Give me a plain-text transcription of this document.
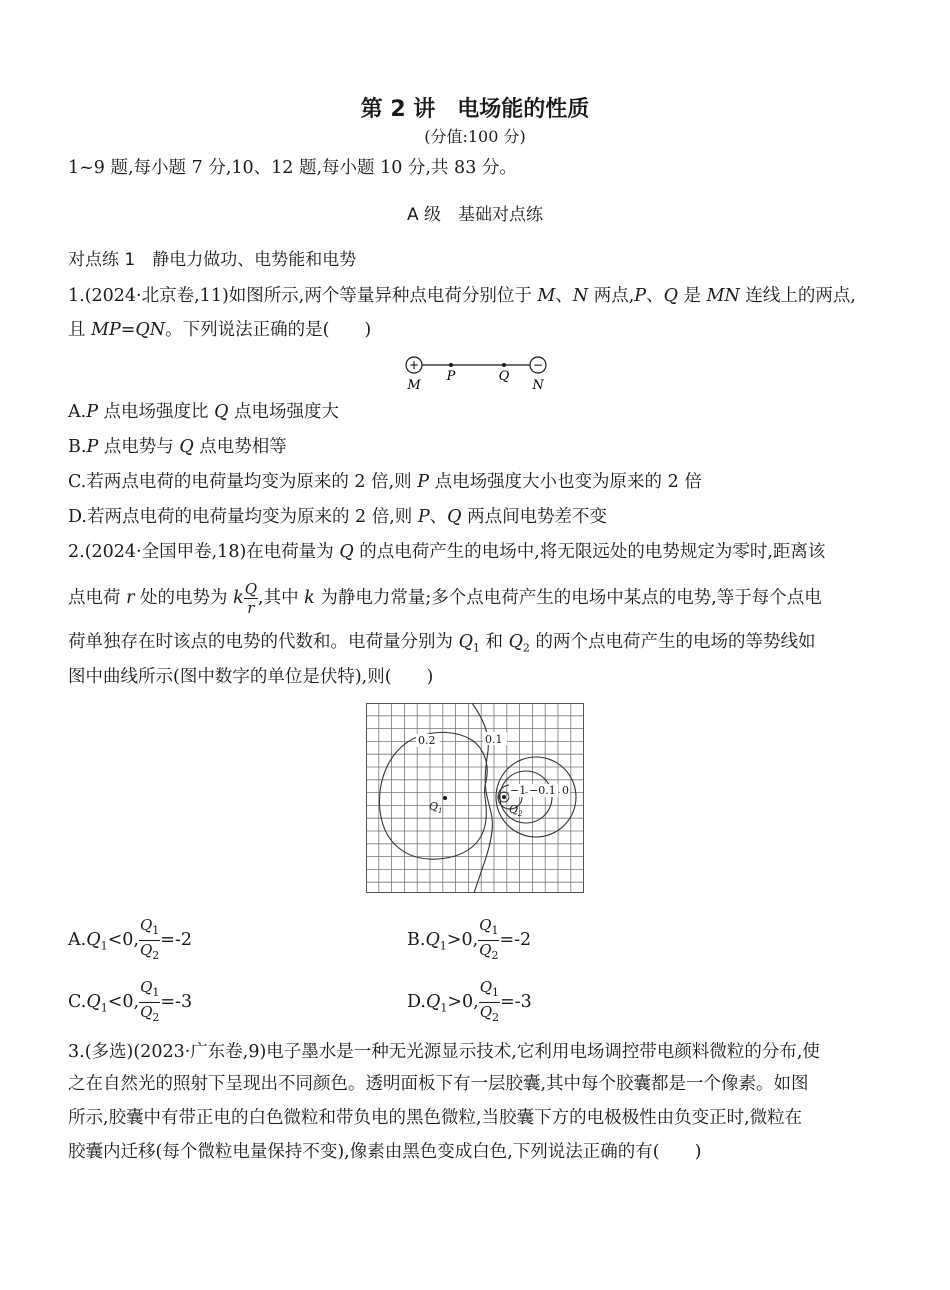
第 2 讲　电场能的性质
(分值:100 分)
1~9 题,每小题 7 分,10、12 题,每小题 10 分,共 83 分。
A 级　基础对点练
对点练 1　静电力做功、电势能和电势
1.(2024·北京卷,11)如图所示,两个等量异种点电荷分别位于 M、N 两点,P、Q 是 MN 连线上的两点,
且 MP=QN。下列说法正确的是(　　)
+	−
M
P	Q
N
A.P 点电场强度比 Q 点电场强度大
B.P 点电势与 Q 点电势相等
C.若两点电荷的电荷量均变为原来的 2 倍,则 P 点电场强度大小也变为原来的 2 倍
D.若两点电荷的电荷量均变为原来的 2 倍,则 P、Q 两点间电势差不变
2.(2024·全国甲卷,18)在电荷量为 Q 的点电荷产生的电场中,将无限远处的电势规定为零时,距离该
点电荷 r 处的电势为 k $\frac{Q}{r}$ ,其中 k 为静电力常量;多个点电荷产生的电场中某点的电势,等于每个点电
荷单独存在时该点的电势的代数和。电荷量分别为 $Q_1$ 和 $Q_2$ 的两个点电荷产生的电场的等势线如
图中曲线所示(图中数字的单位是伏特),则(　　)
0.2	0.1
−1 −0.1 0
$Q_1$	$Q_2$
$A.Q_1<0$, $\frac{Q_1}{Q_2} =-2$	$B.Q_1>0$, $\frac{Q_1}{Q_2} =-2$
$C.Q_1<0$, $\frac{Q_1}{Q_2} =-3$	$D.Q_1>0$, $\frac{Q_1}{Q_2} =-3$
3.(多选)(2023·广东卷,9)电子墨水是一种无光源显示技术,它利用电场调控带电颜料微粒的分布,使
之在自然光的照射下呈现出不同颜色。透明面板下有一层胶囊,其中每个胶囊都是一个像素。如图
所示,胶囊中有带正电的白色微粒和带负电的黑色微粒,当胶囊下方的电极极性由负变正时,微粒在
胶囊内迁移(每个微粒电量保持不变),像素由黑色变成白色,下列说法正确的有(　　)
